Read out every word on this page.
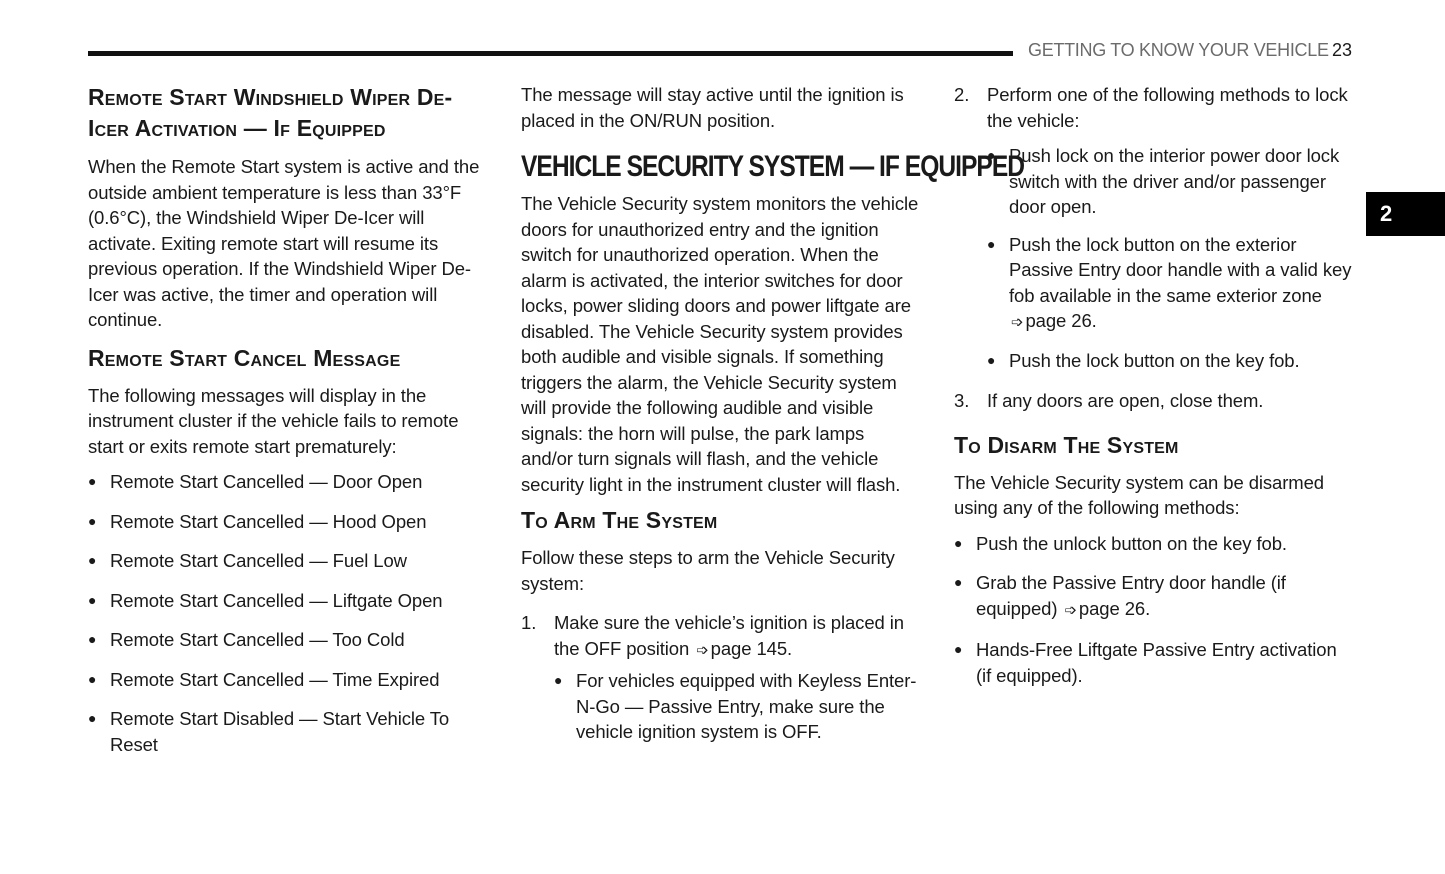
GETTING TO KNOW YOUR VEHICLE 23
2
Remote Start Windshield Wiper De-Icer Activation — If Equipped

When the Remote Start system is active and the outside ambient temperature is less than 33°F (0.6°C), the Windshield Wiper De-Icer will activate. Exiting remote start will resume its previous operation. If the Windshield Wiper De-Icer was active, the timer and operation will continue.

Remote Start Cancel Message

The following messages will display in the instrument cluster if the vehicle fails to remote start or exits remote start prematurely:

● Remote Start Cancelled — Door Open
● Remote Start Cancelled — Hood Open
● Remote Start Cancelled — Fuel Low
● Remote Start Cancelled — Liftgate Open
● Remote Start Cancelled — Too Cold
● Remote Start Cancelled — Time Expired
● Remote Start Disabled — Start Vehicle To Reset

The message will stay active until the ignition is placed in the ON/RUN position.

VEHICLE SECURITY SYSTEM — IF EQUIPPED

The Vehicle Security system monitors the vehicle doors for unauthorized entry and the ignition switch for unauthorized operation. When the alarm is activated, the interior switches for door locks, power sliding doors and power liftgate are disabled. The Vehicle Security system provides both audible and visible signals. If something triggers the alarm, the Vehicle Security system will provide the following audible and visible signals: the horn will pulse, the park lamps and/or turn signals will flash, and the vehicle security light in the instrument cluster will flash.

To Arm The System

Follow these steps to arm the Vehicle Security system:

1. Make sure the vehicle’s ignition is placed in the OFF position ➩ page 145.
● For vehicles equipped with Keyless Enter-N-Go — Passive Entry, make sure the vehicle ignition system is OFF.
2. Perform one of the following methods to lock the vehicle:
● Push lock on the interior power door lock switch with the driver and/or passenger door open.
● Push the lock button on the exterior Passive Entry door handle with a valid key fob available in the same exterior zone
➩ page 26.
● Push the lock button on the key fob.
3. If any doors are open, close them.
To Disarm The System

The Vehicle Security system can be disarmed using any of the following methods:

● Push the unlock button on the key fob.
● Grab the Passive Entry door handle (if equipped) ➩ page 26.
● Hands-Free Liftgate Passive Entry activation (if equipped).
